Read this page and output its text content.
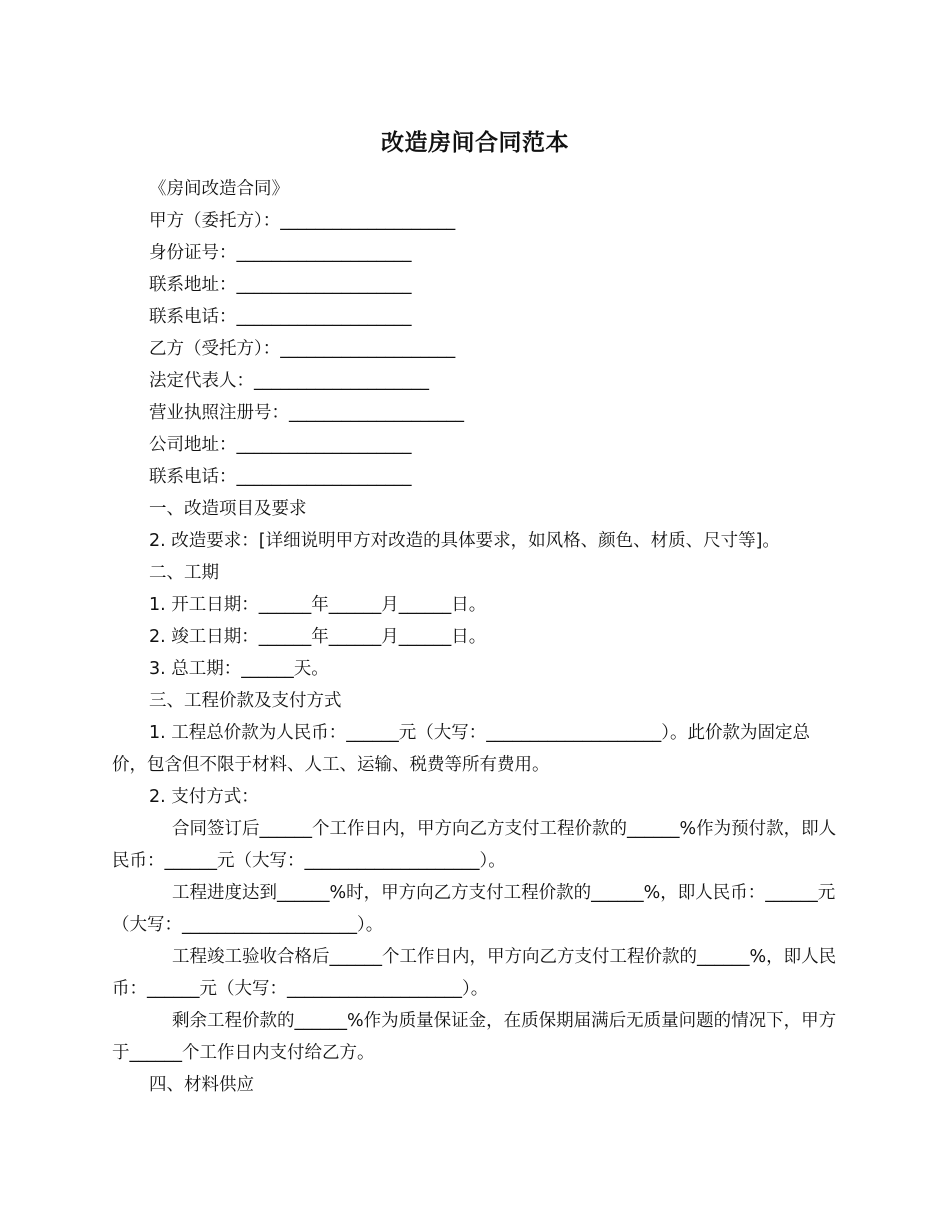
改造房间合同范本

《房间改造合同》

甲方（委托方）：____________________

身份证号：____________________

联系地址：____________________

联系电话：____________________

乙方（受托方）：____________________

法定代表人：____________________

营业执照注册号：____________________

公司地址：____________________

联系电话：____________________

一、改造项目及要求

2. 改造要求：[详细说明甲方对改造的具体要求，如风格、颜色、材质、尺寸等]。

二、工期

1. 开工日期：______年______月______日。

2. 竣工日期：______年______月______日。

3. 总工期：______天。

三、工程价款及支付方式

1. 工程总价款为人民币：______元（大写：____________________）。此价款为固定总价，包含但不限于材料、人工、运输、税费等所有费用。

2. 支付方式：

合同签订后______个工作日内，甲方向乙方支付工程价款的______%作为预付款，即人民币：______元（大写：____________________）。

工程进度达到______%时，甲方向乙方支付工程价款的______%，即人民币：______元（大写：____________________）。

工程竣工验收合格后______个工作日内，甲方向乙方支付工程价款的______%，即人民币：______元（大写：____________________）。

剩余工程价款的______%作为质量保证金，在质保期届满后无质量问题的情况下，甲方于______个工作日内支付给乙方。

四、材料供应
